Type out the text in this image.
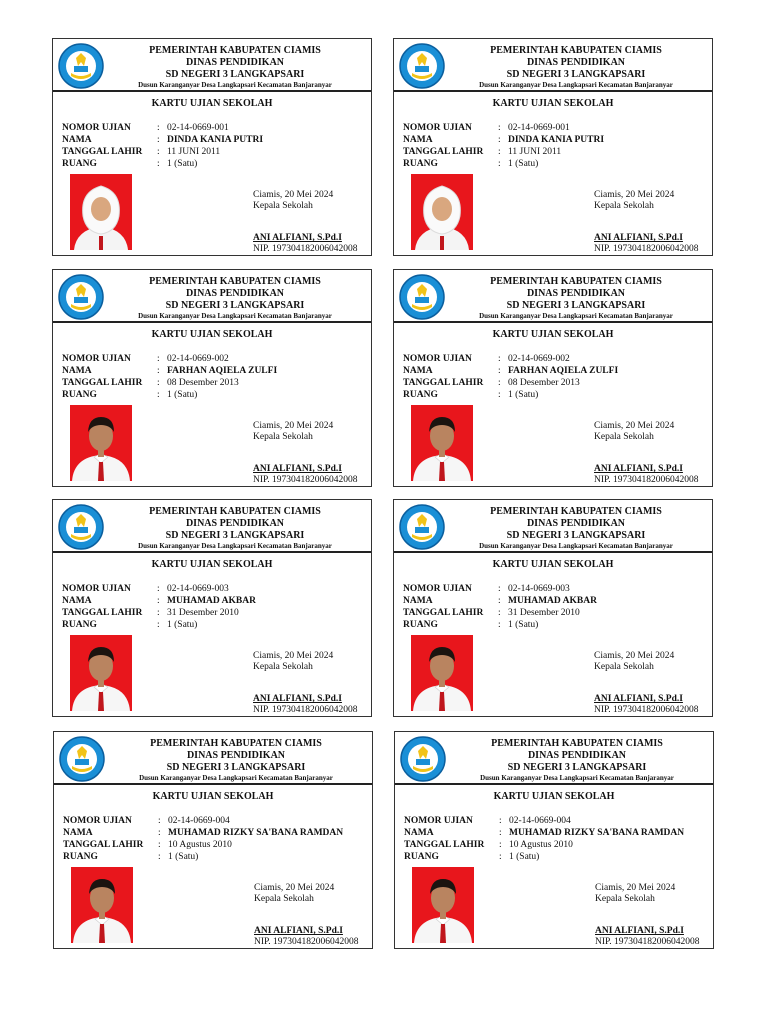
PEMERINTAH KABUPATEN CIAMIS
DINAS PENDIDIKAN
SD NEGERI 3 LANGKAPSARI
Dusun Karanganyar Desa Langkapsari Kecamatan Banjaranyar
KARTU UJIAN SEKOLAH
NOMOR UJIAN	: 02-14-0669-001
NAMA	: DINDA KANIA PUTRI
TANGGAL LAHIR	: 11 JUNI 2011
RUANG	: 1 (Satu)
Ciamis, 20 Mei 2024
Kepala Sekolah
ANI ALFIANI, S.Pd.I
NIP. 197304182006042008
PEMERINTAH KABUPATEN CIAMIS
DINAS PENDIDIKAN
SD NEGERI 3 LANGKAPSARI
Dusun Karanganyar Desa Langkapsari Kecamatan Banjaranyar
KARTU UJIAN SEKOLAH
NOMOR UJIAN	: 02-14-0669-001
NAMA	: DINDA KANIA PUTRI
TANGGAL LAHIR	: 11 JUNI 2011
RUANG	: 1 (Satu)
Ciamis, 20 Mei 2024
Kepala Sekolah
ANI ALFIANI, S.Pd.I
NIP. 197304182006042008
PEMERINTAH KABUPATEN CIAMIS
DINAS PENDIDIKAN
SD NEGERI 3 LANGKAPSARI
Dusun Karanganyar Desa Langkapsari Kecamatan Banjaranyar
KARTU UJIAN SEKOLAH
NOMOR UJIAN	: 02-14-0669-002
NAMA	: FARHAN AQIELA ZULFI
TANGGAL LAHIR	: 08 Desember 2013
RUANG	: 1 (Satu)
Ciamis, 20 Mei 2024
Kepala Sekolah
ANI ALFIANI, S.Pd.I
NIP. 197304182006042008
PEMERINTAH KABUPATEN CIAMIS
DINAS PENDIDIKAN
SD NEGERI 3 LANGKAPSARI
Dusun Karanganyar Desa Langkapsari Kecamatan Banjaranyar
KARTU UJIAN SEKOLAH
NOMOR UJIAN	: 02-14-0669-002
NAMA	: FARHAN AQIELA ZULFI
TANGGAL LAHIR	: 08 Desember 2013
RUANG	: 1 (Satu)
Ciamis, 20 Mei 2024
Kepala Sekolah
ANI ALFIANI, S.Pd.I
NIP. 197304182006042008
PEMERINTAH KABUPATEN CIAMIS
DINAS PENDIDIKAN
SD NEGERI 3 LANGKAPSARI
Dusun Karanganyar Desa Langkapsari Kecamatan Banjaranyar
KARTU UJIAN SEKOLAH
NOMOR UJIAN	: 02-14-0669-003
NAMA	: MUHAMAD AKBAR
TANGGAL LAHIR	: 31 Desember 2010
RUANG	: 1 (Satu)
Ciamis, 20 Mei 2024
Kepala Sekolah
ANI ALFIANI, S.Pd.I
NIP. 197304182006042008
PEMERINTAH KABUPATEN CIAMIS
DINAS PENDIDIKAN
SD NEGERI 3 LANGKAPSARI
Dusun Karanganyar Desa Langkapsari Kecamatan Banjaranyar
KARTU UJIAN SEKOLAH
NOMOR UJIAN	: 02-14-0669-003
NAMA	: MUHAMAD AKBAR
TANGGAL LAHIR	: 31 Desember 2010
RUANG	: 1 (Satu)
Ciamis, 20 Mei 2024
Kepala Sekolah
ANI ALFIANI, S.Pd.I
NIP. 197304182006042008
PEMERINTAH KABUPATEN CIAMIS
DINAS PENDIDIKAN
SD NEGERI 3 LANGKAPSARI
Dusun Karanganyar Desa Langkapsari Kecamatan Banjaranyar
KARTU UJIAN SEKOLAH
NOMOR UJIAN	: 02-14-0669-004
NAMA	: MUHAMAD RIZKY SA'BANA RAMDAN
TANGGAL LAHIR	: 10 Agustus 2010
RUANG	: 1 (Satu)
Ciamis, 20 Mei 2024
Kepala Sekolah
ANI ALFIANI, S.Pd.I
NIP. 197304182006042008
PEMERINTAH KABUPATEN CIAMIS
DINAS PENDIDIKAN
SD NEGERI 3 LANGKAPSARI
Dusun Karanganyar Desa Langkapsari Kecamatan Banjaranyar
KARTU UJIAN SEKOLAH
NOMOR UJIAN	: 02-14-0669-004
NAMA	: MUHAMAD RIZKY SA'BANA RAMDAN
TANGGAL LAHIR	: 10 Agustus 2010
RUANG	: 1 (Satu)
Ciamis, 20 Mei 2024
Kepala Sekolah
ANI ALFIANI, S.Pd.I
NIP. 197304182006042008
